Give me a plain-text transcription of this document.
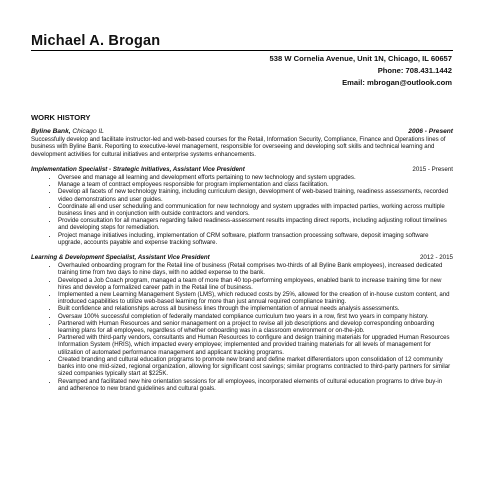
Michael A. Brogan
538 W Cornelia Avenue, Unit 1N, Chicago, IL 60657
Phone: 708.431.1442
Email: mbrogan@outlook.com
WORK HISTORY
Byline Bank, Chicago IL	2006 - Present
Successfully develop and facilitate instructor-led and web-based courses for the Retail, Information Security, Compliance, Finance and Operations lines of business with Byline Bank. Reporting to executive-level management, responsible for overseeing and developing soft skills and technical learning and development activities for cultural initiatives and enterprise systems enhancements.
Implementation Specialist - Strategic Initiatives, Assistant Vice President	2015 - Present
• Oversee and manage all learning and development efforts pertaining to new technology and system upgrades.
• Manage a team of contract employees responsible for program implementation and class facilitation.
• Develop all facets of new technology training, including curriculum design, development of web-based training, readiness assessments, recorded video demonstrations and user guides.
• Coordinate all end user scheduling and communication for new technology and system upgrades with impacted parties, working across multiple business lines and in conjunction with outside contractors and vendors.
• Provide consultation for all managers regarding failed readiness-assessment results impacting direct reports, including adjusting rollout timelines and developing steps for remediation.
• Project manage initiatives including, implementation of CRM software, platform transaction processing software, deposit imaging software upgrade, accounts payable and expense tracking software.
Learning & Development Specialist, Assistant Vice President	2012 - 2015
• Overhauled onboarding program for the Retail line of business (Retail comprises two-thirds of all Byline Bank employees), increased dedicated training time from two days to nine days, with no added expense to the bank.
• Developed a Job Coach program, managed a team of more than 40 top-performing employees, enabled bank to increase training time for new hires and develop a formalized career path in the Retail line of business.
• Implemented a new Learning Management System (LMS), which reduced costs by 25%, allowed for the creation of in-house custom content, and introduced capabilities to utilize web-based learning for more than just annual required compliance training.
• Built confidence and relationships across all business lines through the implementation of annual needs analysis assessments.
• Oversaw 100% successful completion of federally mandated compliance curriculum two years in a row, first two years in company history.
• Partnered with Human Resources and senior management on a project to revise all job descriptions and develop corresponding onboarding learning plans for all employees, regardless of whether onboarding was in a classroom environment or on-the-job.
• Partnered with third-party vendors, consultants and Human Resources to configure and design training materials for upgraded Human Resources Information System (HRIS), which impacted every employee; implemented and provided training materials for all levels of management for utilization of automated performance management and applicant tracking programs.
• Created branding and cultural education programs to promote new brand and define market differentiators upon consolidation of 12 community banks into one mid-sized, regional organization, allowing for significant cost savings; similar programs contracted to third-party partners for similar sized companies typically start at $225K.
• Revamped and facilitated new hire orientation sessions for all employees, incorporated elements of cultural education programs to drive buy-in and adherence to new brand guidelines and cultural goals.
